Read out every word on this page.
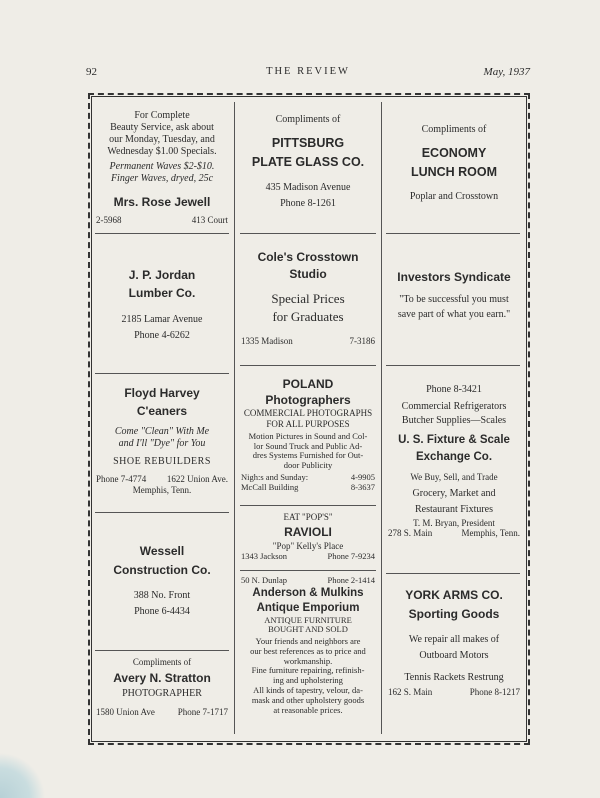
92	THE REVIEW	May, 1937
For Complete
Beauty Service, ask about
our Monday, Tuesday, and
Wednesday $1.00 Specials.
Permanent Waves $2-$10.
Finger Waves, dryed, 25c
Mrs. Rose Jewell
2-5968	413 Court
J. P. Jordan
Lumber Co.
2185 Lamar Avenue
Phone 4-6262
Floyd Harvey
C'eaners
Come "Clean" With Me
and I'll "Dye" for You
SHOE REBUILDERS
Phone 7-4774 1622 Union Ave.
Memphis, Tenn.
Wessell
Construction Co.
388 No. Front
Phone 6-4434
Compliments of
Avery N. Stratton
PHOTOGRAPHER
1580 Union Ave	Phone 7-1717
Compliments of
PITTSBURG
PLATE GLASS CO.
435 Madison Avenue
Phone 8-1261
Cole's Crosstown
Studio
Special Prices
for Graduates
1335 Madison	7-3186
POLAND
Photographers
COMMERCIAL PHOTOGRAPHS
FOR ALL PURPOSES
Motion Pictures in Sound and Col-
lor Sound Truck and Public Ad-
dres Systems Furnished for Out-
door Publicity
Nigh:s and Sunday:	4-9905
McCall Building	8-3637
EAT "POP'S"
RAVIOLI
"Pop" Kelly's Place
1343 Jackson	Phone 7-9234
50 N. Dunlap	Phone 2-1414
Anderson & Mulkins
Antique Emporium
ANTIQUE FURNITURE
BOUGHT AND SOLD
Your friends and neighbors are
our best references as to price and
workmanship.
Fine furniture repairing, refinish-
ing and upholstering
All kinds of tapestry, velour, da-
mask and other upholstery goods
at reasonable prices.
Compliments of
ECONOMY
LUNCH ROOM
Poplar and Crosstown
Investors Syndicate
"To be successful you must
save part of what you earn."
Phone 8-3421
Commercial Refrigerators
Butcher Supplies—Scales
U. S. Fixture & Scale
Exchange Co.
We Buy, Sell, and Trade
Grocery, Market and
Restaurant Fixtures
T. M. Bryan, President
278 S. Main	Memphis, Tenn.
YORK ARMS CO.
Sporting Goods
We repair all makes of
Outboard Motors
Tennis Rackets Restrung
162 S. Main	Phone 8-1217
